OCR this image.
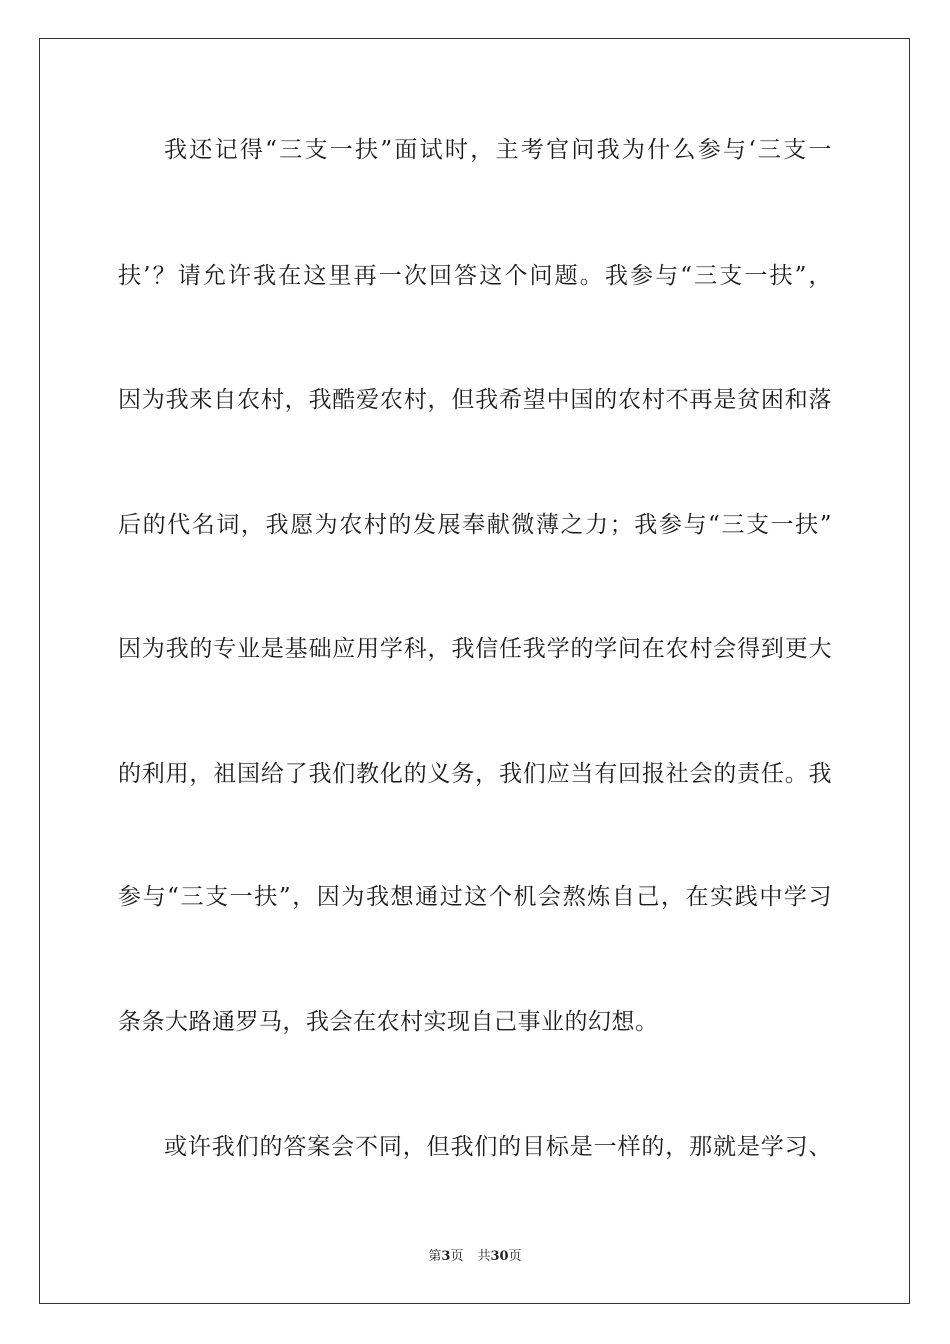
我还记得“三支一扶”面试时，主考官问我为什么参与‘三支一
扶’？请允许我在这里再一次回答这个问题。我参与“三支一扶”，
因为我来自农村，我酷爱农村，但我希望中国的农村不再是贫困和落
后的代名词，我愿为农村的发展奉献微薄之力；我参与“三支一扶”
因为我的专业是基础应用学科，我信任我学的学问在农村会得到更大
的利用，祖国给了我们教化的义务，我们应当有回报社会的责任。我
参与“三支一扶”，因为我想通过这个机会熬炼自己，在实践中学习
条条大路通罗马，我会在农村实现自己事业的幻想。
或许我们的答案会不同，但我们的目标是一样的，那就是学习、
第3页 共30页
